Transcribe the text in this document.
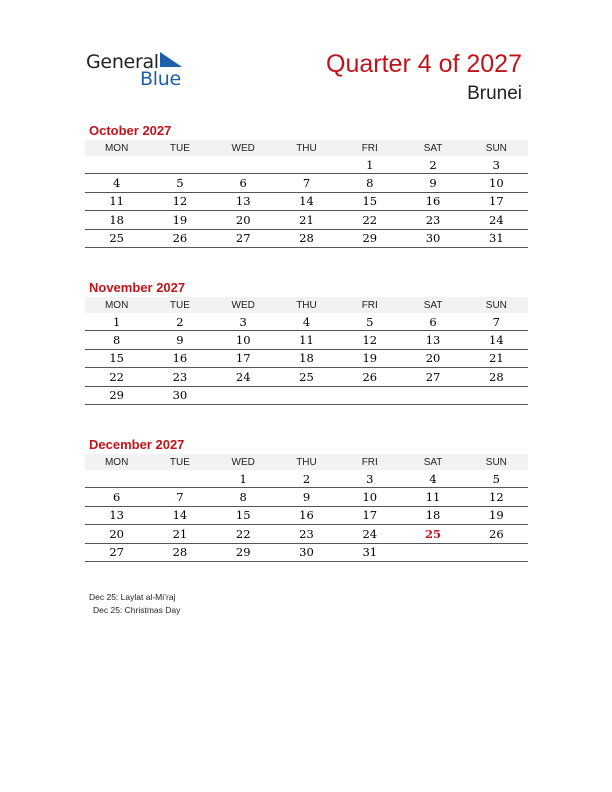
General
Blue
Quarter 4 of 2027
Brunei
October 2027
MON	TUE	WED	THU	FRI	SAT	SUN
				1	2	3
4	5	6	7	8	9	10
11	12	13	14	15	16	17
18	19	20	21	22	23	24
25	26	27	28	29	30	31
November 2027
MON	TUE	WED	THU	FRI	SAT	SUN
1	2	3	4	5	6	7
8	9	10	11	12	13	14
15	16	17	18	19	20	21
22	23	24	25	26	27	28
29	30					
December 2027
MON	TUE	WED	THU	FRI	SAT	SUN
		1	2	3	4	5
6	7	8	9	10	11	12
13	14	15	16	17	18	19
20	21	22	23	24	25	26
27	28	29	30	31		
Dec 25: Laylat al-Mi’raj
Dec 25: Christmas Day
